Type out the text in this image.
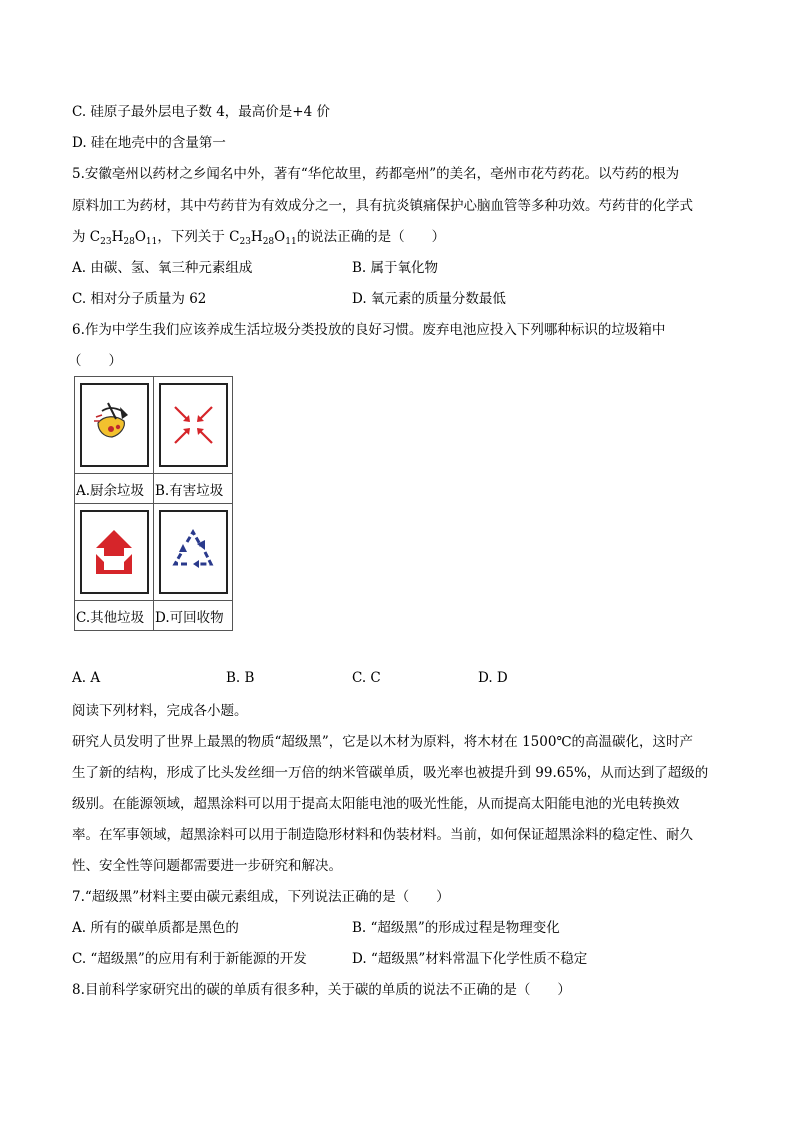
C. 硅原子最外层电子数 4，最高价是+4 价
D. 硅在地壳中的含量第一
5.安徽亳州以药材之乡闻名中外，著有“华佗故里，药都亳州”的美名，亳州市花芍药花。以芍药的根为
原料加工为药材，其中芍药苷为有效成分之一，具有抗炎镇痛保护心脑血管等多种功效。芍药苷的化学式
为 $C_{23}H_{28}O_{11}$，下列关于 $C_{23}H_{28}O_{11}$的说法正确的是（　　）
A. 由碳、氢、氧三种元素组成	B. 属于氧化物
C. 相对分子质量为 62	D. 氧元素的质量分数最低
6.作为中学生我们应该养成生活垃圾分类投放的良好习惯。废弃电池应投入下列哪种标识的垃圾箱中
（　　）

A.厨余垃圾	B.有害垃圾

C.其他垃圾	D.可回收物
A. A	B. B	C. C	D. D
阅读下列材料，完成各小题。
研究人员发明了世界上最黑的物质“超级黑”，它是以木材为原料，将木材在 1500℃的高温碳化，这时产
生了新的结构，形成了比头发丝细一万倍的纳米管碳单质，吸光率也被提升到 99.65%，从而达到了超级的
级别。在能源领域，超黑涂料可以用于提高太阳能电池的吸光性能，从而提高太阳能电池的光电转换效
率。在军事领域，超黑涂料可以用于制造隐形材料和伪装材料。当前，如何保证超黑涂料的稳定性、耐久
性、安全性等问题都需要进一步研究和解决。
7.“超级黑”材料主要由碳元素组成，下列说法正确的是（　　）
A. 所有的碳单质都是黑色的	B. “超级黑”的形成过程是物理变化
C. “超级黑”的应用有利于新能源的开发	D. “超级黑”材料常温下化学性质不稳定
8.目前科学家研究出的碳的单质有很多种，关于碳的单质的说法不正确的是（　　）
